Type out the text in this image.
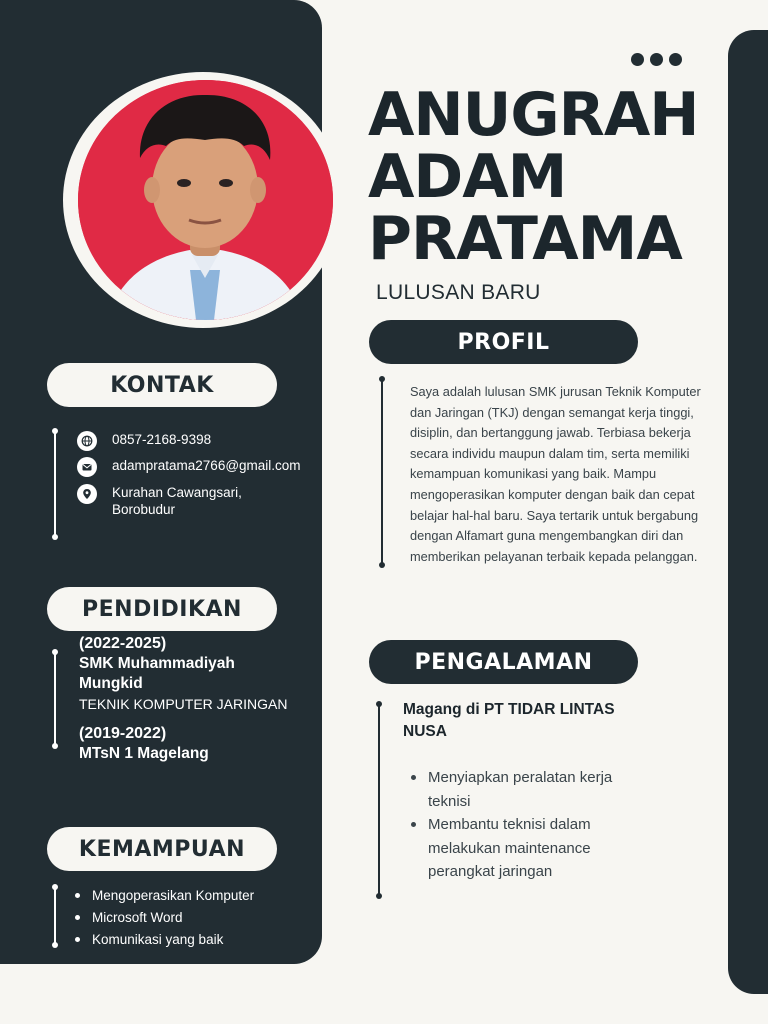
ANUGRAH
ADAM
PRATAMA
LULUSAN BARU
KONTAK
0857-2168-9398
adampratama2766@gmail.com
Kurahan Cawangsari,
Borobudur
PENDIDIKAN
(2022-2025)
SMK Muhammadiyah
Mungkid
TEKNIK KOMPUTER JARINGAN
(2019-2022)
MTsN 1 Magelang
KEMAMPUAN
Mengoperasikan Komputer
Microsoft Word
Komunikasi yang baik
PROFIL
Saya adalah lulusan SMK jurusan Teknik Komputer dan Jaringan (TKJ) dengan semangat kerja tinggi, disiplin, dan bertanggung jawab. Terbiasa bekerja secara individu maupun dalam tim, serta memiliki kemampuan komunikasi yang baik. Mampu mengoperasikan komputer dengan baik dan cepat belajar hal-hal baru. Saya tertarik untuk bergabung dengan Alfamart guna mengembangkan diri dan memberikan pelayanan terbaik kepada pelanggan.
PENGALAMAN
Magang di PT TIDAR LINTAS NUSA
Menyiapkan peralatan kerja teknisi
Membantu teknisi dalam melakukan maintenance perangkat jaringan
